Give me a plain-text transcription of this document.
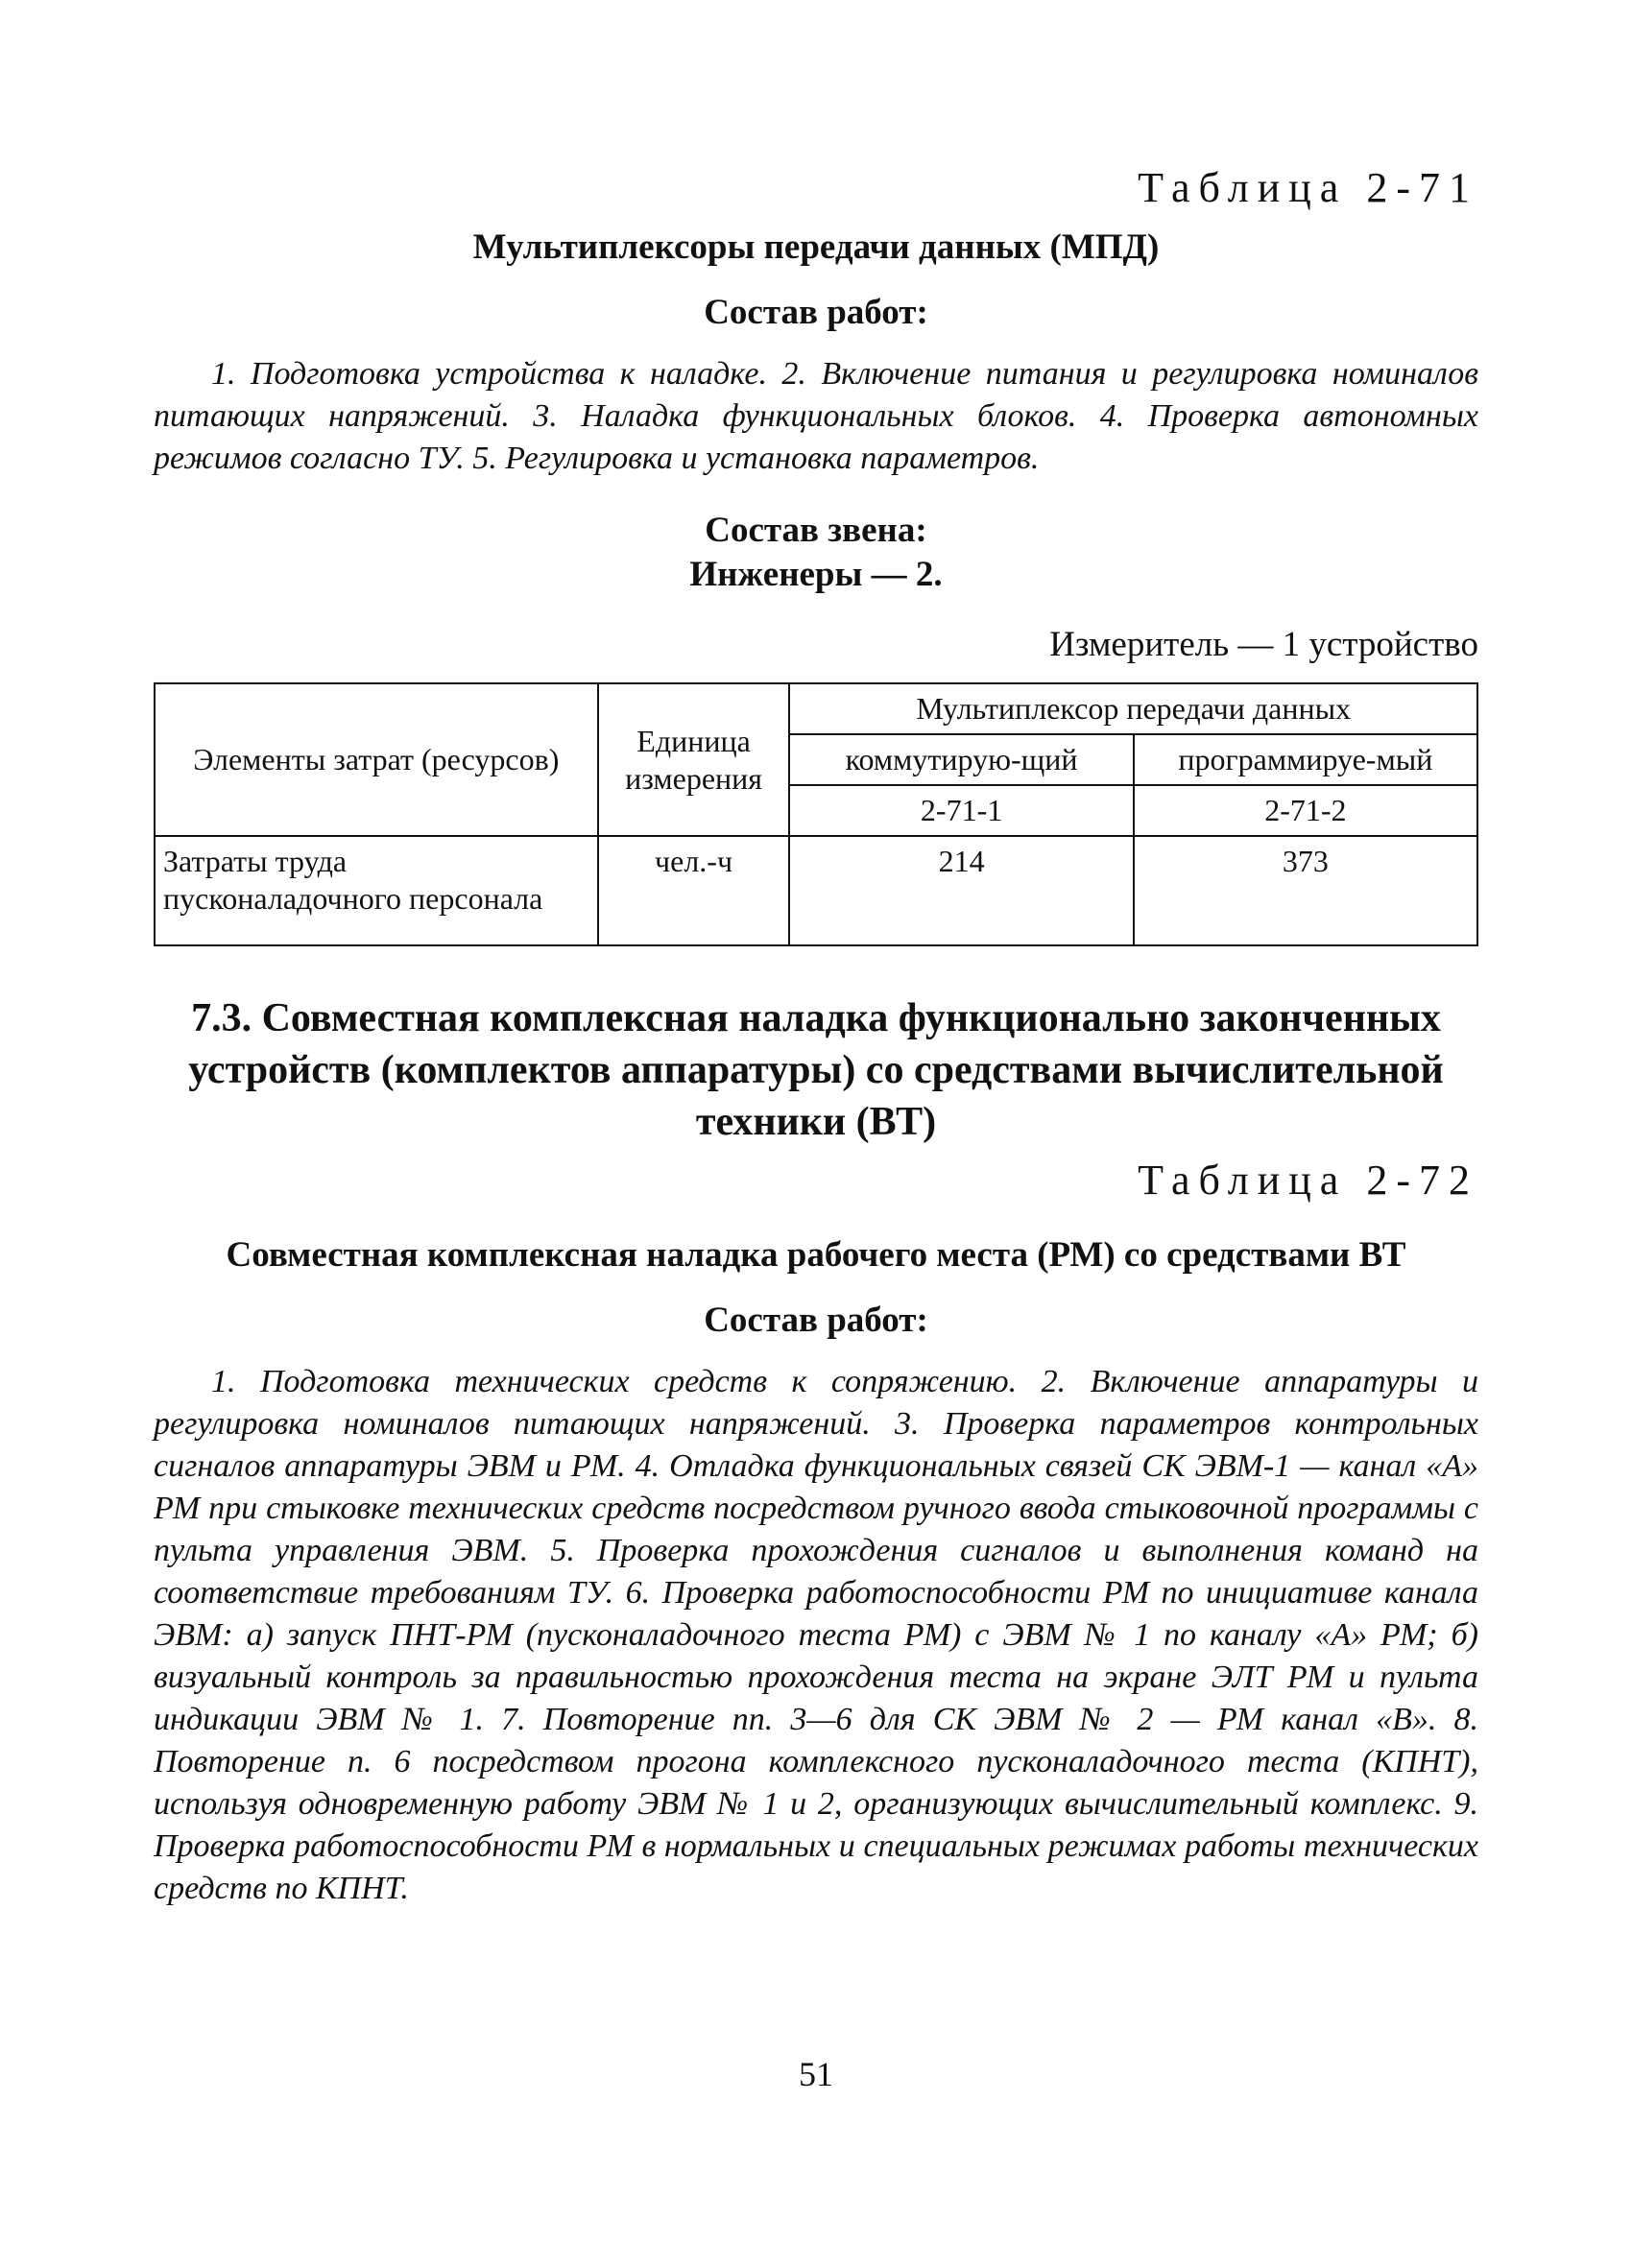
Таблица 2-71
Мультиплексоры передачи данных (МПД)
Состав работ:

1. Подготовка устройства к наладке. 2. Включение питания и регулировка номиналов питающих напряжений. 3. Наладка функциональных блоков. 4. Проверка автономных режимов согласно ТУ. 5. Регулировка и установка параметров.

Состав звена:
Инженеры — 2.
Измеритель — 1 устройство
Элементы затрат (ресурсов)	Единица измерения	Мультиплексор передачи данных	
		коммутирую-щий	программируе-мый
		2-71-1	2-71-2
Затраты труда пусконаладочного персонала	чел.-ч	214	373
7.3. Совместная комплексная наладка функционально законченных устройств (комплектов аппаратуры) со средствами вычислительной техники (ВТ)
Таблица 2-72
Совместная комплексная наладка рабочего места (РМ) со средствами ВТ
Состав работ:

1. Подготовка технических средств к сопряжению. 2. Включение аппаратуры и регулировка номиналов питающих напряжений. 3. Проверка параметров контрольных сигналов аппаратуры ЭВМ и РМ. 4. Отладка функциональных связей СК ЭВМ-1 — канал «А» РМ при стыковке технических средств посредством ручного ввода стыковочной программы с пульта управления ЭВМ. 5. Проверка прохождения сигналов и выполнения команд на соответствие требованиям ТУ. 6. Проверка работоспособности РМ по инициативе канала ЭВМ: а) запуск ПНТ-РМ (пусконаладочного теста РМ) с ЭВМ № 1 по каналу «А» РМ; б) визуальный контроль за правильностью прохождения теста на экране ЭЛТ РМ и пульта индикации ЭВМ № 1. 7. Повторение пп. 3—6 для СК ЭВМ № 2 — РМ канал «В». 8. Повторение п. 6 посредством прогона комплексного пусконаладочного теста (КПНТ), используя одновременную работу ЭВМ № 1 и 2, организующих вычислительный комплекс. 9. Проверка работоспособности РМ в нормальных и специальных режимах работы технических средств по КПНТ.

51
